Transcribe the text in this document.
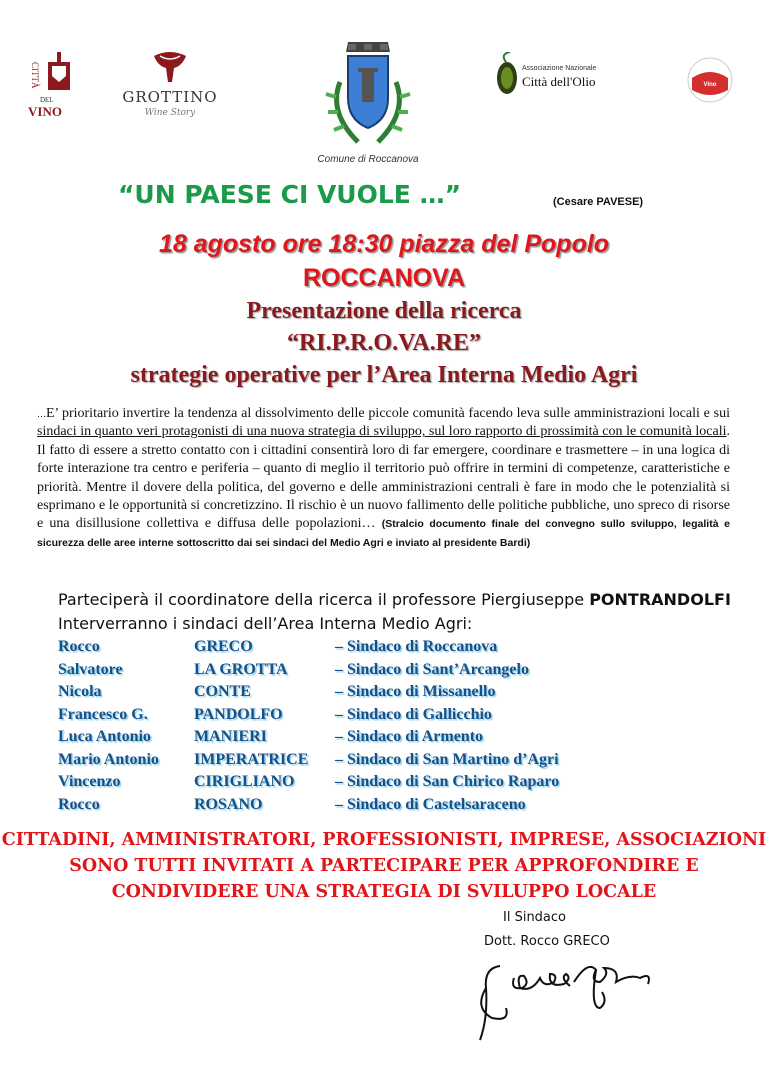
CITTÀ
DEL
VINO
GROTTINO
Wine Story
Comune di Roccanova
Associazione Nazionale
Città dell'Olio	Vino
“UN PAESE CI VUOLE …”	(Cesare PAVESE)
18 agosto ore 18:30 piazza del Popolo
ROCCANOVA
Presentazione della ricerca
“RI.P.R.O.VA.RE”
strategie operative per l’Area Interna Medio Agri
…E’ prioritario invertire la tendenza al dissolvimento delle piccole comunità facendo leva sulle amministrazioni locali e sui sindaci in quanto veri protagonisti di una nuova strategia di sviluppo, sul loro rapporto di prossimità con le comunità locali. Il fatto di essere a stretto contatto con i cittadini consentirà loro di far emergere, coordinare e trasmettere – in una logica di forte interazione tra centro e periferia – quanto di meglio il territorio può offrire in termini di competenze, caratteristiche e priorità. Mentre il dovere della politica, del governo e delle amministrazioni centrali è fare in modo che le potenzialità si esprimano e le opportunità si concretizzino. Il rischio è un nuovo fallimento delle politiche pubbliche, uno spreco di risorse e una disillusione collettiva e diffusa delle popolazioni… (Stralcio documento finale del convegno sullo sviluppo, legalità e sicurezza delle aree interne sottoscritto dai sei sindaci del Medio Agri e inviato al presidente Bardi)
Parteciperà il coordinatore della ricerca il professore Piergiuseppe PONTRANDOLFI
Interverranno i sindaci dell’Area Interna Medio Agri:
Rocco	GRECO	– Sindaco di Roccanova
Salvatore	LA GROTTA	– Sindaco di Sant’Arcangelo
Nicola	CONTE	– Sindaco di Missanello
Francesco G.	PANDOLFO	– Sindaco di Gallicchio
Luca Antonio	MANIERI	– Sindaco di Armento
Mario Antonio IMPERATRICE – Sindaco di San Martino d’Agri
Vincenzo	CIRIGLIANO	– Sindaco di San Chirico Raparo
Rocco	ROSANO	– Sindaco di Castelsaraceno
CITTADINI, AMMINISTRATORI, PROFESSIONISTI, IMPRESE, ASSOCIAZIONI
SONO TUTTI INVITATI A PARTECIPARE PER APPROFONDIRE E
CONDIVIDERE UNA STRATEGIA DI SVILUPPO LOCALE
Il Sindaco
Dott. Rocco GRECO
